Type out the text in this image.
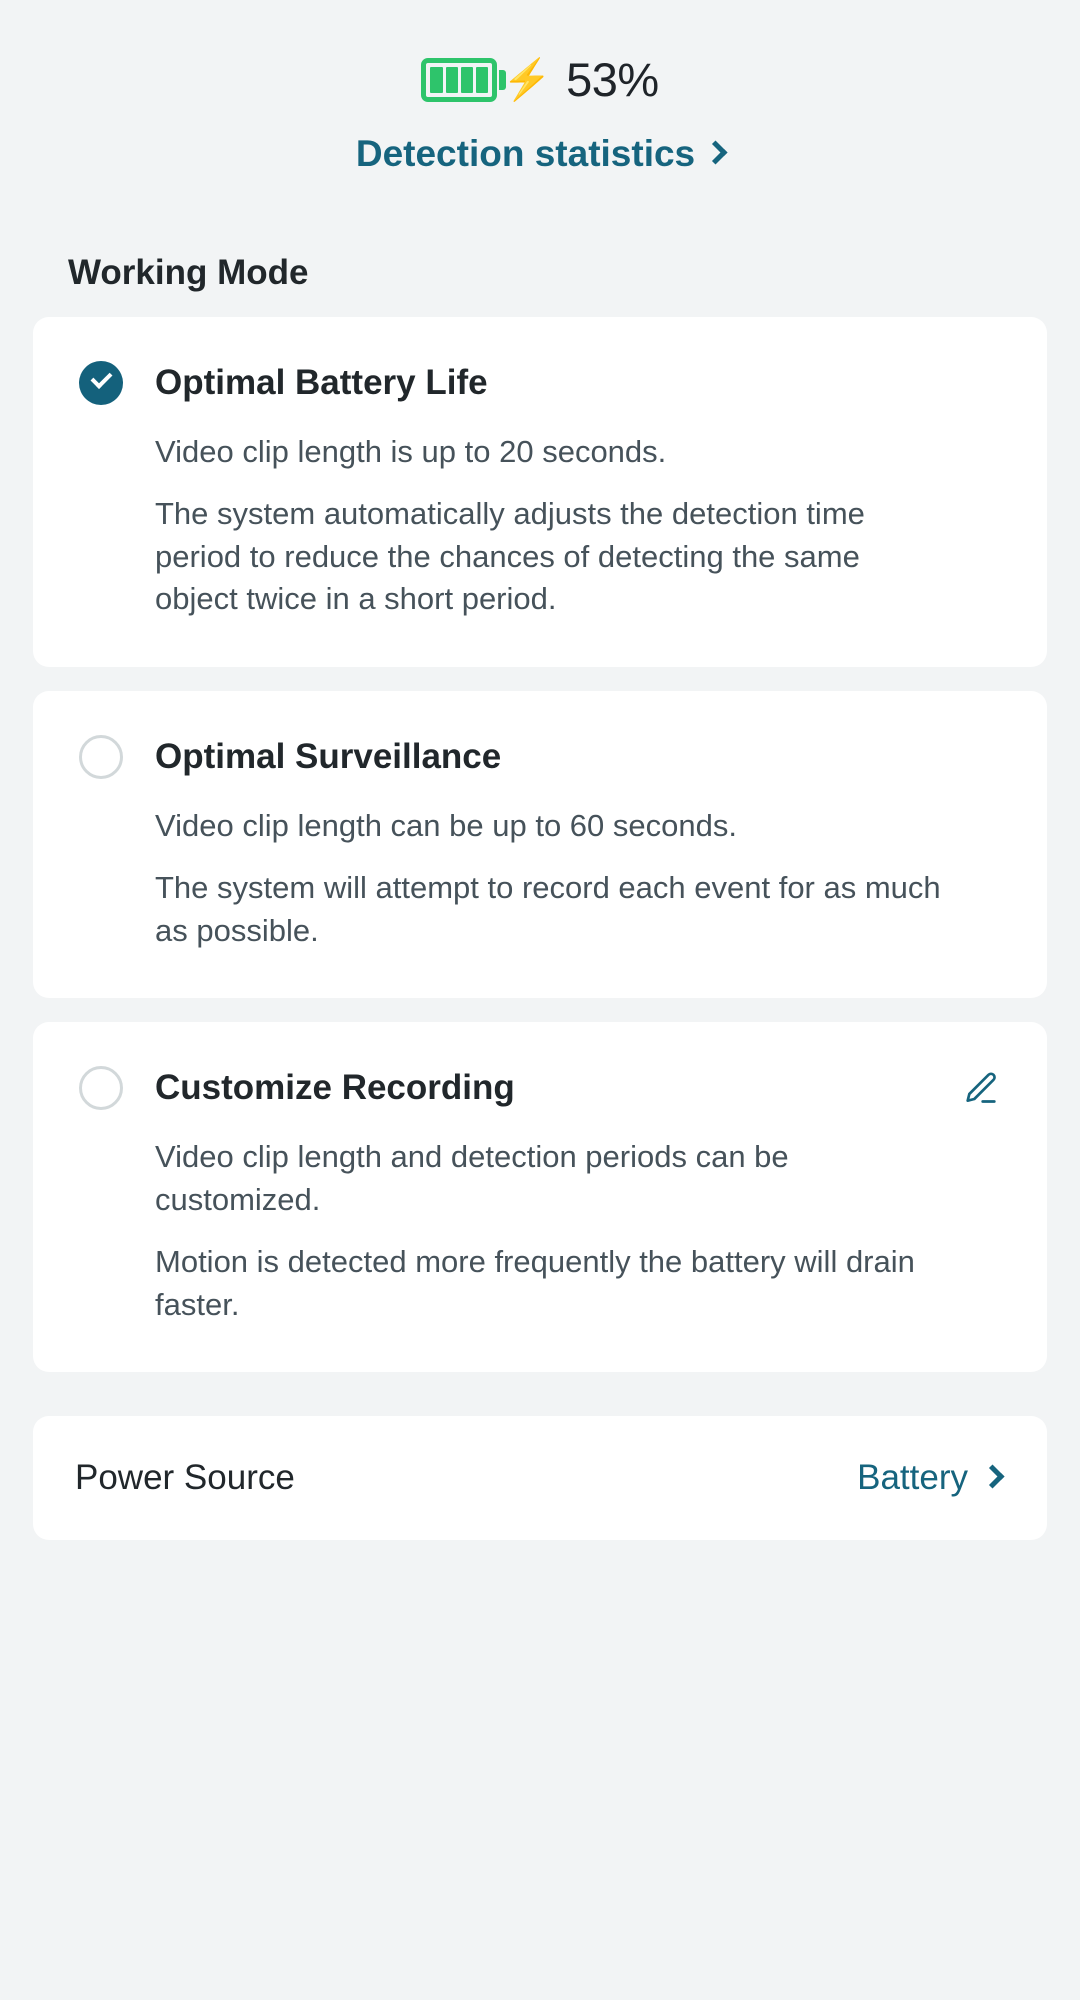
⚡ 53%
Detection statistics
Working Mode
Optimal Battery Life
Video clip length is up to 20 seconds.
The system automatically adjusts the detection time period to reduce the chances of detecting the same object twice in a short period.
Optimal Surveillance
Video clip length can be up to 60 seconds.
The system will attempt to record each event for as much as possible.
Customize Recording
Video clip length and detection periods can be customized.
Motion is detected more frequently the battery will drain faster.
Power Source	Battery
